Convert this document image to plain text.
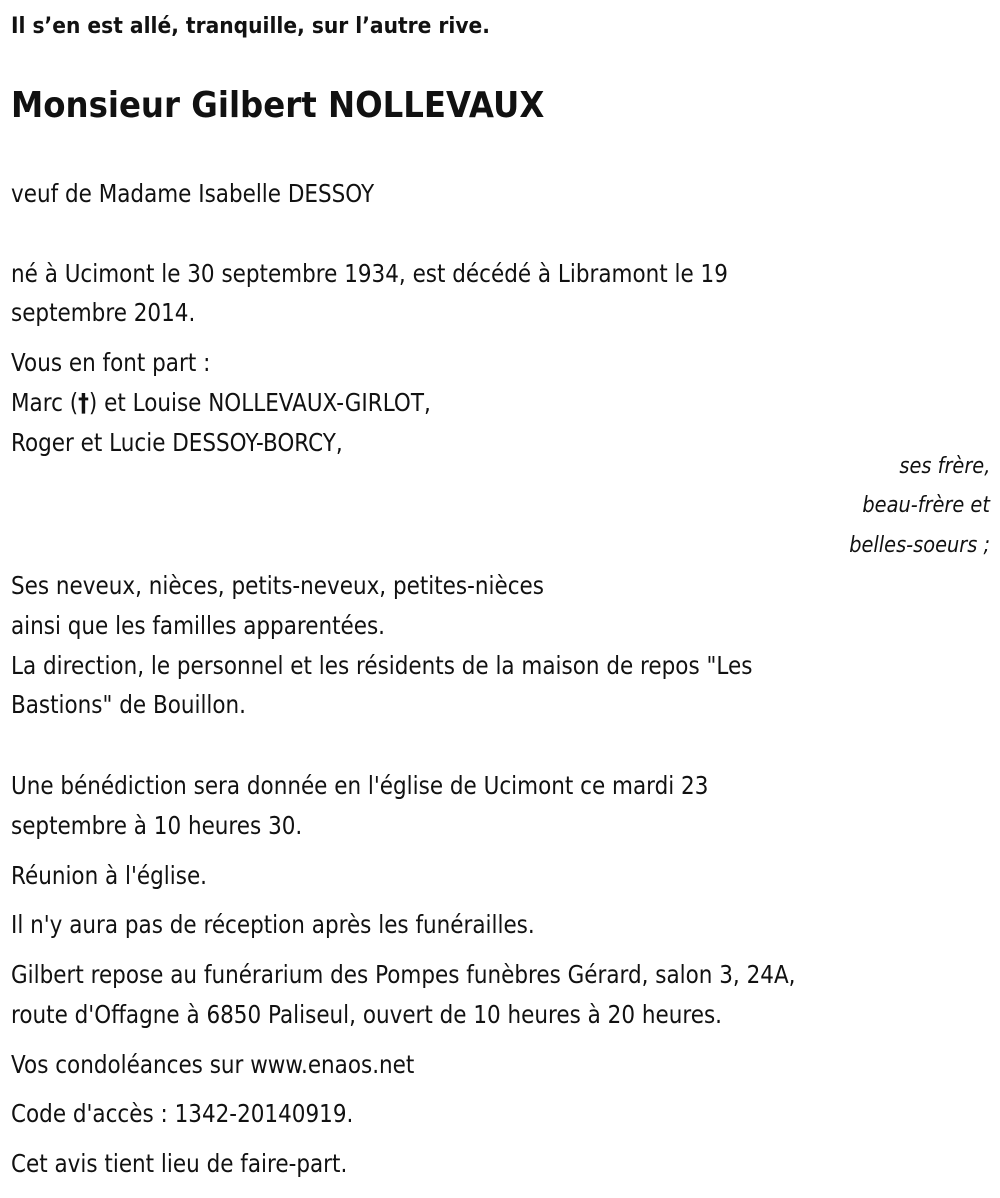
Il s’en est allé, tranquille, sur l’autre rive.
Monsieur Gilbert NOLLEVAUX
veuf de Madame Isabelle DESSOY
né à Ucimont le 30 septembre 1934, est décédé à Libramont le 19
septembre 2014.
Vous en font part :
Marc (†) et Louise NOLLEVAUX-GIRLOT,
Roger et Lucie DESSOY-BORCY,
ses frère,
beau-frère et
belles-soeurs ;
Ses neveux, nièces, petits-neveux, petites-nièces
ainsi que les familles apparentées.
La direction, le personnel et les résidents de la maison de repos "Les
Bastions" de Bouillon.
Une bénédiction sera donnée en l'église de Ucimont ce mardi 23
septembre à 10 heures 30.
Réunion à l'église.
Il n'y aura pas de réception après les funérailles.
Gilbert repose au funérarium des Pompes funèbres Gérard, salon 3, 24A,
route d'Offagne à 6850 Paliseul, ouvert de 10 heures à 20 heures.
Vos condoléances sur www.enaos.net
Code d'accès : 1342-20140919.
Cet avis tient lieu de faire-part.
